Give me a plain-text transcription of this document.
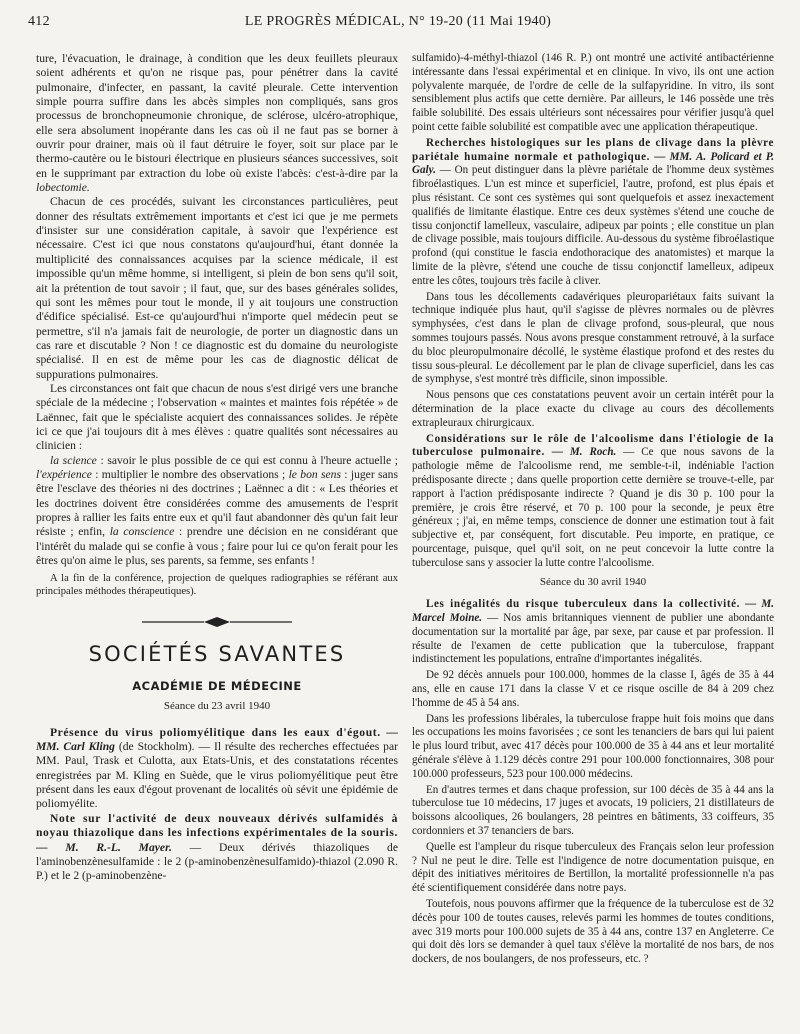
412	LE PROGRÈS MÉDICAL, N° 19-20 (11 Mai 1940)

ture, l'évacuation, le drainage, à condition que les deux feuillets pleuraux soient adhérents et qu'on ne risque pas, pour pénétrer dans la cavité pulmonaire, d'infecter, en passant, la cavité pleurale. Cette intervention simple pourra suffire dans les abcès simples non compliqués, sans gros processus de bronchopneumonie chronique, de sclérose, ulcéro-atrophique, elle sera absolument inopérante dans les cas où il ne faut pas se borner à ouvrir pour drainer, mais où il faut détruire le foyer, soit sur place par le thermo-cautère ou le bistouri électrique en plusieurs séances successives, soit en le supprimant par extraction du lobe où existe l'abcès: c'est-à-dire par la lobectomie.

Chacun de ces procédés, suivant les circonstances particulières, peut donner des résultats extrêmement importants et c'est ici que je me permets d'insister sur une considération capitale, à savoir que l'expérience est nécessaire. C'est ici que nous constatons qu'aujourd'hui, étant donnée la multiplicité des connaissances acquises par la science médicale, il est impossible qu'un même homme, si intelligent, si plein de bon sens qu'il soit, ait la prétention de tout savoir ; il faut, que, sur des bases générales solides, qui sont les mêmes pour tout le monde, il y ait toujours une construction d'édifice spécialisé. Est-ce qu'aujourd'hui n'importe quel médecin peut se permettre, s'il n'a jamais fait de neurologie, de porter un diagnostic dans un cas rare et discutable ? Non ! ce diagnostic est du domaine du neurologiste spécialisé. Il en est de même pour les cas de diagnostic délicat de suppurations pulmonaires.

Les circonstances ont fait que chacun de nous s'est dirigé vers une branche spéciale de la médecine ; l'observation « maintes et maintes fois répétée » de Laënnec, fait que le spécialiste acquiert des connaissances solides. Je répète ici ce que j'ai toujours dit à mes élèves : quatre qualités sont nécessaires au clinicien :

la science : savoir le plus possible de ce qui est connu à l'heure actuelle ; l'expérience : multiplier le nombre des observations ; le bon sens : juger sans être l'esclave des théories ni des doctrines ; Laënnec a dit : « Les théories et les doctrines doivent être considérées comme des amusements de l'esprit propres à rallier les faits entre eux et qu'il faut abandonner dès qu'un fait leur résiste ; enfin, la conscience : prendre une décision en ne considérant que l'intérêt du malade qui se confie à vous ; faire pour lui ce qu'on ferait pour les êtres qu'on aime le plus, ses parents, sa femme, ses enfants !

A la fin de la conférence, projection de quelques radiographies se référant aux principales méthodes thérapeutiques).

SOCIÉTÉS SAVANTES
ACADÉMIE DE MÉDECINE
Séance du 23 avril 1940

Présence du virus poliomyélitique dans les eaux d'égout. — MM. Carl Kling (de Stockholm). — Il résulte des recherches effectuées par MM. Paul, Trask et Culotta, aux Etats-Unis, et des constatations récentes enregistrées par M. Kling en Suède, que le virus poliomyélitique peut être présent dans les eaux d'égout provenant de localités où sévit une épidémie de poliomyélite.

Note sur l'activité de deux nouveaux dérivés sulfamidés à noyau thiazolique dans les infections expérimentales de la souris. — M. R.-L. Mayer. — Deux dérivés thiazoliques de l'aminobenzènesulfamide : le 2 (p-aminobenzènesulfamido)-thiazol (2.090 R. P.) et le 2 (p-aminobenzène-

sulfamido)-4-méthyl-thiazol (146 R. P.) ont montré une activité antibactérienne intéressante dans l'essai expérimental et en clinique. In vivo, ils ont une action polyvalente marquée, de l'ordre de celle de la sulfapyridine. In vitro, ils sont sensiblement plus actifs que cette dernière. Par ailleurs, le 146 possède une très faible solubilité. Des essais ultérieurs sont nécessaires pour vérifier jusqu'à quel point cette faible solubilité est compatible avec une application thérapeutique.

Recherches histologiques sur les plans de clivage dans la plèvre pariétale humaine normale et pathologique. — MM. A. Policard et P. Galy. — On peut distinguer dans la plèvre pariétale de l'homme deux systèmes fibroélastiques. L'un est mince et superficiel, l'autre, profond, est plus épais et plus résistant. Ce sont ces systèmes qui sont quelquefois et assez inexactement qualifiés de limitante élastique. Entre ces deux systèmes s'étend une couche de tissu conjonctif lamelleux, vasculaire, adipeux par points ; elle constitue un plan de clivage possible, mais toujours difficile. Au-dessous du système fibroélastique profond (qui constitue le fascia endothoracique des anatomistes) et marque la limite de la plèvre, s'étend une couche de tissu conjonctif lamelleux, adipeux entre les côtes, toujours très facile à cliver.

Dans tous les décollements cadavériques pleuropariétaux faits suivant la technique indiquée plus haut, qu'il s'agisse de plèvres normales ou de plèvres symphysées, c'est dans le plan de clivage profond, sous-pleural, que nous sommes toujours passés. Nous avons presque constamment retrouvé, à la surface du bloc pleuropulmonaire décollé, le système élastique profond et des restes du tissu sous-pleural. Le décollement par le plan de clivage superficiel, dans les cas de symphyse, s'est montré très difficile, sinon impossible.

Nous pensons que ces constatations peuvent avoir un certain intérêt pour la détermination de la place exacte du clivage au cours des décollements extrapleuraux chirurgicaux.

Considérations sur le rôle de l'alcoolisme dans l'étiologie de la tuberculose pulmonaire. — M. Roch. — Ce que nous savons de la pathologie même de l'alcoolisme rend, me semble-t-il, indéniable l'action prédisposante directe ; dans quelle proportion cette dernière se trouve-t-elle, par rapport à l'action prédisposante indirecte ? Quand je dis 30 p. 100 pour la première, je crois être réservé, et 70 p. 100 pour la seconde, je peux être généreux ; j'ai, en même temps, conscience de donner une estimation tout à fait subjective et, par conséquent, fort discutable. Peu importe, en pratique, ce pourcentage, puisque, quel qu'il soit, on ne peut concevoir la lutte contre la tuberculose sans y associer la lutte contre l'alcoolisme.

Séance du 30 avril 1940

Les inégalités du risque tuberculeux dans la collectivité. — M. Marcel Moine. — Nos amis britanniques viennent de publier une abondante documentation sur la mortalité par âge, par sexe, par cause et par profession. Il résulte de l'examen de cette publication que la tuberculose, frappant indistinctement les populations, entraîne d'importantes inégalités.

De 92 décès annuels pour 100.000, hommes de la classe I, âgés de 35 à 44 ans, elle en cause 171 dans la classe V et ce risque oscille de 84 à 209 chez l'homme de 45 à 54 ans.

Dans les professions libérales, la tuberculose frappe huit fois moins que dans les occupations les moins favorisées ; ce sont les tenanciers de bars qui lui paient le plus lourd tribut, avec 417 décès pour 100.000 de 35 à 44 ans et leur mortalité générale s'élève à 1.129 décès contre 291 pour 100.000 fonctionnaires, 308 pour 100.000 professeurs, 523 pour 100.000 médecins.

En d'autres termes et dans chaque profession, sur 100 décès de 35 à 44 ans la tuberculose tue 10 médecins, 17 juges et avocats, 19 policiers, 21 distillateurs de boissons alcooliques, 26 boulangers, 28 peintres en bâtiments, 33 coiffeurs, 35 cordonniers et 37 tenanciers de bars.

Quelle est l'ampleur du risque tuberculeux des Français selon leur profession ? Nul ne peut le dire. Telle est l'indigence de notre documentation puisque, en dépit des initiatives méritoires de Bertillon, la mortalité professionnelle n'a pas été scientifiquement considérée dans notre pays.

Toutefois, nous pouvons affirmer que la fréquence de la tuberculose est de 32 décès pour 100 de toutes causes, relevés parmi les hommes de toutes conditions, avec 319 morts pour 100.000 sujets de 35 à 44 ans, contre 137 en Angleterre. Ce qui doit dès lors se demander à quel taux s'élève la mortalité de nos bars, de nos dockers, de nos boulangers, de nos professeurs, etc. ?
